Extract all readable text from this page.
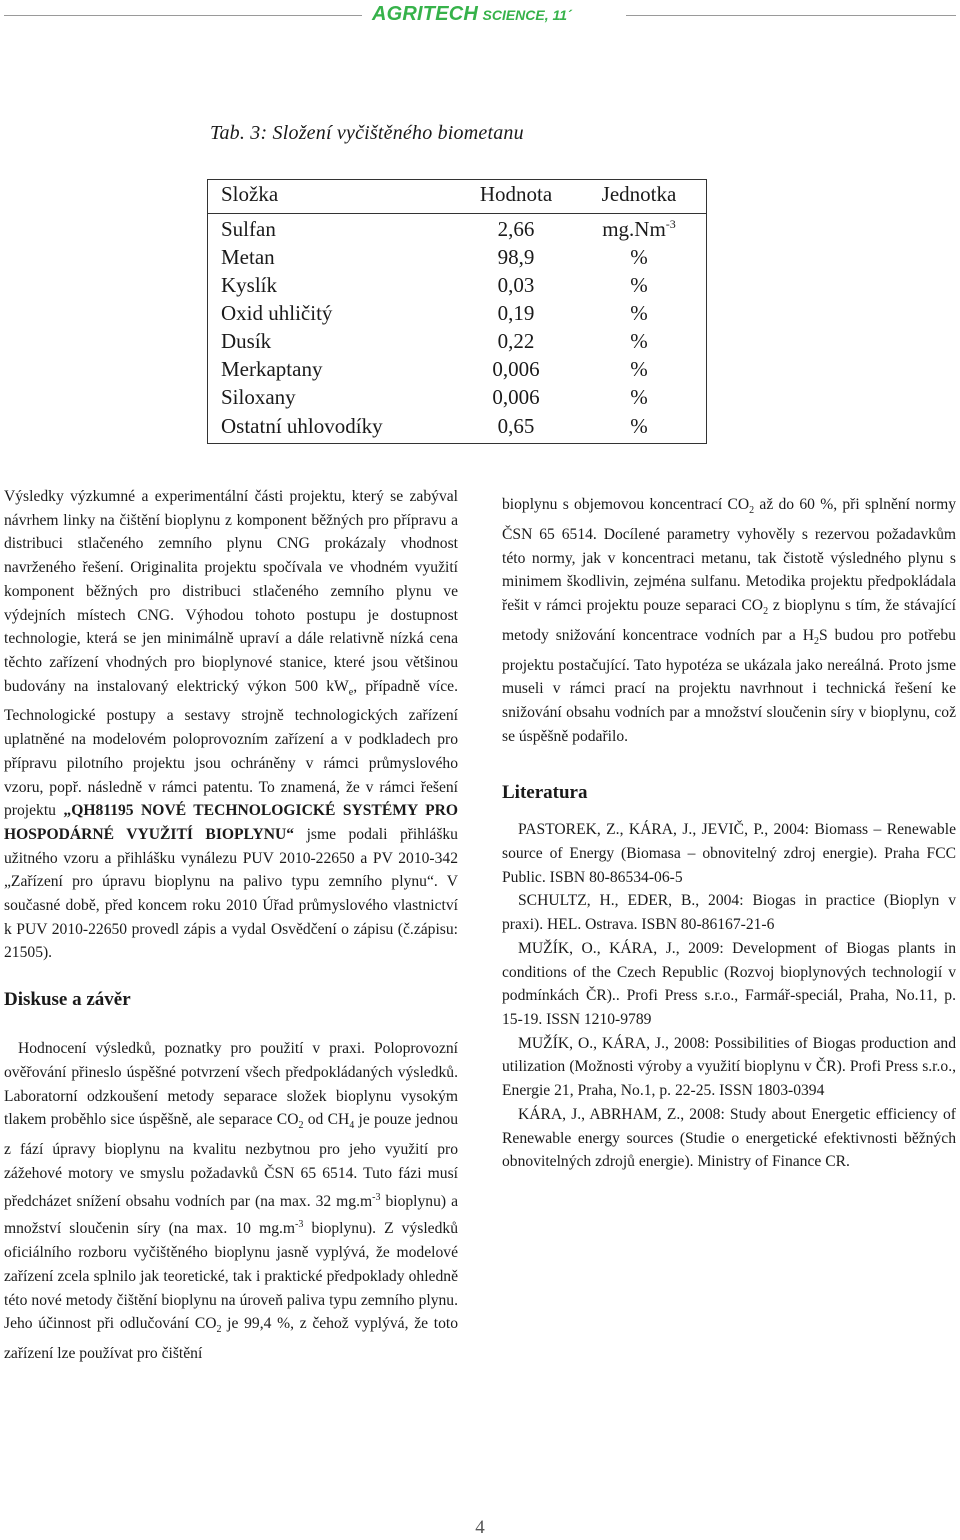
AGRITECH SCIENCE, 11´
Tab. 3: Složení vyčištěného biometanu
Složka	Hodnota	Jednotka
Sulfan	2,66	$mg.Nm^{-3}$
Metan	98,9	%
Kyslík	0,03	%
Oxid uhličitý	0,19	%
Dusík	0,22	%
Merkaptany	0,006	%
Siloxany	0,006	%
Ostatní uhlovodíky	0,65	%

Výsledky výzkumné a experimentální části projektu, který se zabýval návrhem linky na čištění bioplynu z komponent běžných pro přípravu a distribuci stlačeného zemního plynu CNG prokázaly vhodnost navrženého řešení. Originalita projektu spočívala ve vhodném využití komponent běžných pro distribuci stlačeného zemního plynu ve výdejních místech CNG. Výhodou tohoto postupu je dostupnost technologie, která se jen minimálně upraví a dále relativně nízká cena těchto zařízení vhodných pro bioplynové stanice, které jsou většinou budovány na instalovaný elektrický výkon 500 $kW_e$, případně více. Technologické postupy a sestavy strojně technologických zařízení uplatněné na modelovém poloprovozním zařízení a v podkladech pro přípravu pilotního projektu jsou ochráněny v rámci průmyslového vzoru, popř. následně v rámci patentu. To znamená, že v rámci řešení projektu „QH81195 NOVÉ TECHNOLOGICKÉ SYSTÉMY PRO HOSPODÁRNÉ VYUŽITÍ BIOPLYNU“ jsme podali přihlášku užitného vzoru a přihlášku vynálezu PUV 2010-22650 a PV 2010-342 „Zařízení pro úpravu bioplynu na palivo typu zemního plynu“. V současné době, před koncem roku 2010 Úřad průmyslového vlastnictví k PUV 2010-22650 provedl zápis a vydal Osvědčení o zápisu (č.zápisu: 21505).

Diskuse a závěr

Hodnocení výsledků, poznatky pro použití v praxi. Poloprovozní ověřování přineslo úspěšné potvrzení všech předpokládaných výsledků. Laboratorní odzkoušení metody separace složek bioplynu vysokým tlakem proběhlo sice úspěšně, ale separace $CO_2$ od $CH_4$ je pouze jednou z fází úpravy bioplynu na kvalitu nezbytnou pro jeho využití pro zážehové motory ve smyslu požadavků ČSN 65 6514. Tuto fázi musí předcházet snížení obsahu vodních par (na max. 32 $mg.m^{-3}$ bioplynu) a množství sloučenin síry (na max. 10 $mg.m^{-3}$ bioplynu). Z výsledků oficiálního rozboru vyčištěného bioplynu jasně vyplývá, že modelové zařízení zcela splnilo jak teoretické, tak i praktické předpoklady ohledně této nové metody čištění bioplynu na úroveň paliva typu zemního plynu. Jeho účinnost při odlučování $CO_2$ je 99,4 %, z čehož vyplývá, že toto zařízení lze používat pro čištění

bioplynu s objemovou koncentrací $CO_2$ až do 60 %, při splnění normy ČSN 65 6514. Docílené parametry vyhověly s rezervou požadavkům této normy, jak v koncentraci metanu, tak čistotě výsledného plynu s minimem škodlivin, zejména sulfanu. Metodika projektu předpokládala řešit v rámci projektu pouze separaci $CO_2$ z bioplynu s tím, že stávající metody snižování koncentrace vodních par a $H_2S$ budou pro potřebu projektu postačující. Tato hypotéza se ukázala jako nereálná. Proto jsme museli v rámci prací na projektu navrhnout i technická řešení ke snižování obsahu vodních par a množství sloučenin síry v bioplynu, což se úspěšně podařilo.

Literatura

PASTOREK, Z., KÁRA, J., JEVIČ, P., 2004: Biomass – Renewable source of Energy (Biomasa – obnovitelný zdroj energie). Praha FCC Public. ISBN 80-86534-06-5

SCHULTZ, H., EDER, B., 2004: Biogas in practice (Bioplyn v praxi). HEL. Ostrava. ISBN 80-86167-21-6

MUŽÍK, O., KÁRA, J., 2009: Development of Biogas plants in conditions of the Czech Republic (Rozvoj bioplynových technologií v podmínkách ČR).. Profi Press s.r.o., Farmář-speciál, Praha, No.11, p. 15-19. ISSN 1210-9789

MUŽÍK, O., KÁRA, J., 2008: Possibilities of Biogas production and utilization (Možnosti výroby a využití bioplynu v ČR). Profi Press s.r.o., Energie 21, Praha, No.1, p. 22-25. ISSN 1803-0394

KÁRA, J., ABRHAM, Z., 2008: Study about Energetic efficiency of Renewable energy sources (Studie o energetické efektivnosti běžných obnovitelných zdrojů energie). Ministry of Finance CR.

4
